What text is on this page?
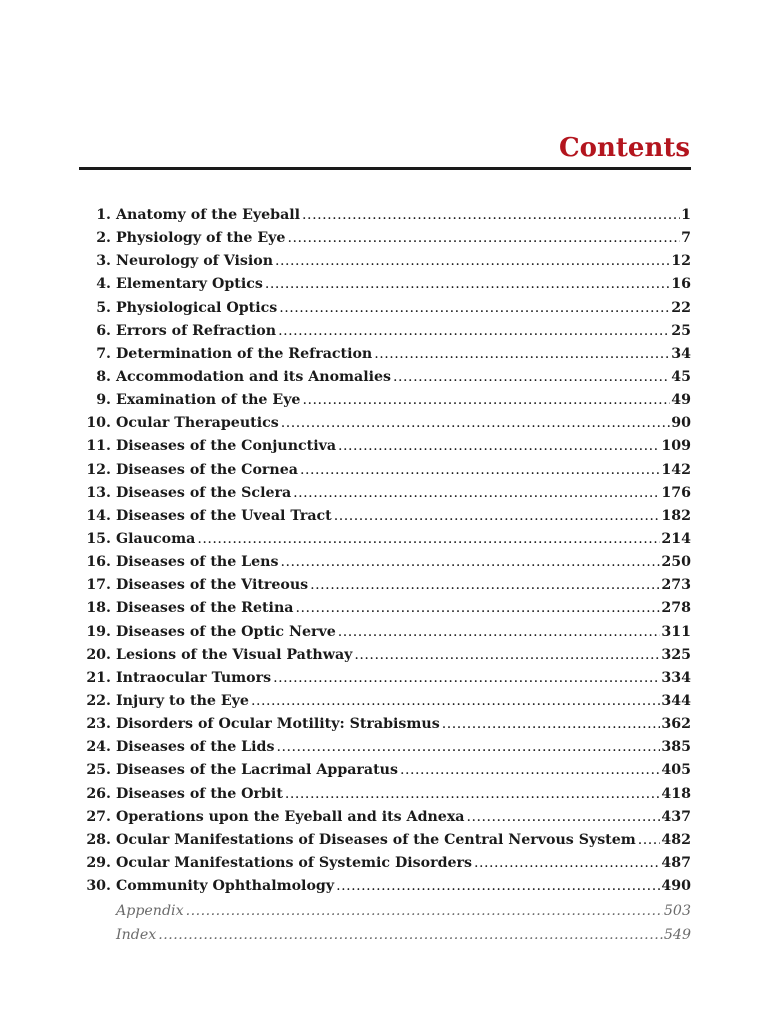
Contents
1. Anatomy of the Eyeball .....	1
2. Physiology of the Eye .....	7
3. Neurology of Vision .....	12
4. Elementary Optics .....	16
5. Physiological Optics .....	22
6. Errors of Refraction .....	25
7. Determination of the Refraction .....	34
8. Accommodation and its Anomalies .....	45
9. Examination of the Eye .....	49
10. Ocular Therapeutics .....	90
11. Diseases of the Conjunctiva .....	109
12. Diseases of the Cornea .....	142
13. Diseases of the Sclera .....	176
14. Diseases of the Uveal Tract .....	182
15. Glaucoma .....	214
16. Diseases of the Lens .....	250
17. Diseases of the Vitreous .....	273
18. Diseases of the Retina .....	278
19. Diseases of the Optic Nerve .....	311
20. Lesions of the Visual Pathway .....	325
21. Intraocular Tumors .....	334
22. Injury to the Eye .....	344
23. Disorders of Ocular Motility: Strabismus .....	362
24. Diseases of the Lids .....	385
25. Diseases of the Lacrimal Apparatus .....	405
26. Diseases of the Orbit .....	418
27. Operations upon the Eyeball and its Adnexa .....	437
28. Ocular Manifestations of Diseases of the Central Nervous System ..... 482
29. Ocular Manifestations of Systemic Disorders .....	487
30. Community Ophthalmology .....	490
Appendix .....	503
Index .....	549
